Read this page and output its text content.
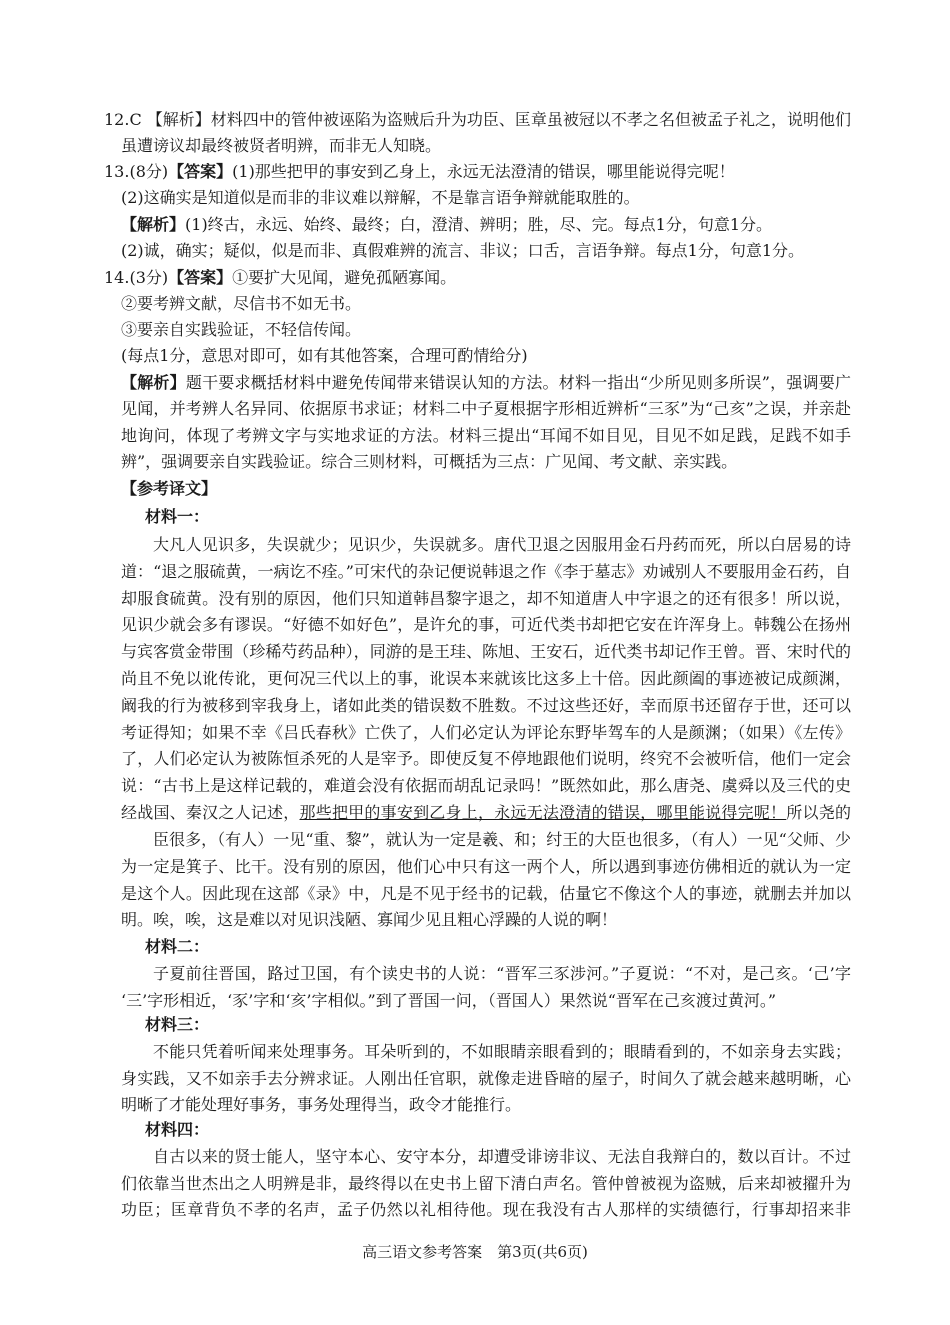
12.C 【解析】材料四中的管仲被诬陷为盗贼后升为功臣、匡章虽被冠以不孝之名但被孟子礼之，说明他们
虽遭谤议却最终被贤者明辨，而非无人知晓。
13.(8分)【答案】(1)那些把甲的事安到乙身上，永远无法澄清的错误，哪里能说得完呢！
(2)这确实是知道似是而非的非议难以辩解，不是靠言语争辩就能取胜的。
【解析】(1)终古，永远、始终、最终；白，澄清、辨明；胜，尽、完。每点1分，句意1分。
(2)诚，确实；疑似，似是而非、真假难辨的流言、非议；口舌，言语争辩。每点1分，句意1分。
14.(3分)【答案】①要扩大见闻，避免孤陋寡闻。
②要考辨文献，尽信书不如无书。
③要亲自实践验证，不轻信传闻。
(每点1分，意思对即可，如有其他答案，合理可酌情给分)
【解析】题干要求概括材料中避免传闻带来错误认知的方法。材料一指出“少所见则多所误”，强调要广
见闻，并考辨人名异同、依据原书求证；材料二中子夏根据字形相近辨析“三豕”为“己亥”之误，并亲赴
地询问，体现了考辨文字与实地求证的方法。材料三提出“耳闻不如目见，目见不如足践，足践不如手
辨”，强调要亲自实践验证。综合三则材料，可概括为三点：广见闻、考文献、亲实践。
【参考译文】
材料一：
大凡人见识多，失误就少；见识少，失误就多。唐代卫退之因服用金石丹药而死，所以白居易的诗
道：“退之服硫黄，一病讫不痊。”可宋代的杂记便说韩退之作《李于墓志》劝诫别人不要服用金石药，自
却服食硫黄。没有别的原因，他们只知道韩昌黎字退之，却不知道唐人中字退之的还有很多！所以说，
见识少就会多有谬误。“好德不如好色”，是许允的事，可近代类书却把它安在许浑身上。韩魏公在扬州
与宾客赏金带围（珍稀芍药品种），同游的是王珪、陈旭、王安石，近代类书却记作王曾。晋、宋时代的
尚且不免以讹传讹，更何况三代以上的事，讹误本来就该比这多上十倍。因此颜阖的事迹被记成颜渊，
阚我的行为被移到宰我身上，诸如此类的错误数不胜数。不过这些还好，幸而原书还留存于世，还可以
考证得知；如果不幸《吕氏春秋》亡佚了，人们必定认为评论东野毕驾车的人是颜渊；（如果）《左传》
了，人们必定认为被陈恒杀死的人是宰予。即使反复不停地跟他们说明，终究不会被听信，他们一定会
说：“古书上是这样记载的，难道会没有依据而胡乱记录吗！”既然如此，那么唐尧、虞舜以及三代的史
经战国、秦汉之人记述，那些把甲的事安到乙身上，永远无法澄清的错误，哪里能说得完呢！所以尧的
臣很多，（有人）一见“重、黎”，就认为一定是羲、和；纣王的大臣也很多，（有人）一见“父师、少
为一定是箕子、比干。没有别的原因，他们心中只有这一两个人，所以遇到事迹仿佛相近的就认为一定
是这个人。因此现在这部《录》中，凡是不见于经书的记载，估量它不像这个人的事迹，就删去并加以
明。唉，唉，这是难以对见识浅陋、寡闻少见且粗心浮躁的人说的啊！
材料二：
子夏前往晋国，路过卫国，有个读史书的人说：“晋军三豕涉河。”子夏说：“不对，是己亥。‘己’字
‘三’字形相近，‘豕’字和‘亥’字相似。”到了晋国一问，（晋国人）果然说“晋军在己亥渡过黄河。”
材料三：
不能只凭着听闻来处理事务。耳朵听到的，不如眼睛亲眼看到的；眼睛看到的，不如亲身去实践；
身实践，又不如亲手去分辨求证。人刚出任官职，就像走进昏暗的屋子，时间久了就会越来越明晰，心
明晰了才能处理好事务，事务处理得当，政令才能推行。
材料四：
自古以来的贤士能人，坚守本心、安守本分，却遭受诽谤非议、无法自我辩白的，数以百计。不过
们依靠当世杰出之人明辨是非，最终得以在史书上留下清白声名。管仲曾被视为盗贼，后来却被擢升为
功臣；匡章背负不孝的名声，孟子仍然以礼相待他。现在我没有古人那样的实绩德行，行事却招来非
高三语文参考答案　第3页(共6页)
